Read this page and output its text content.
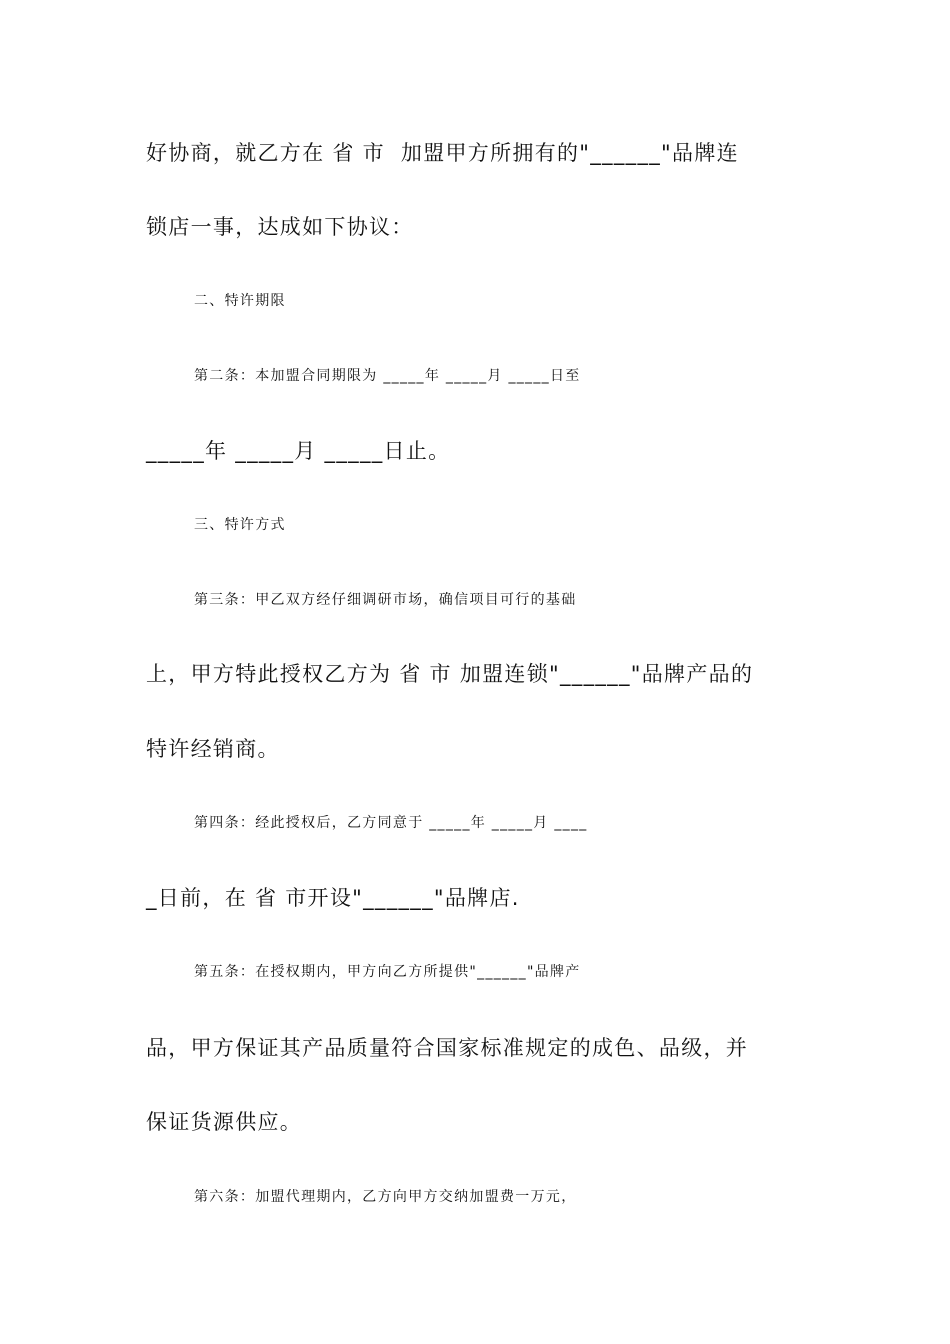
好协商，就乙方在 省 市  加盟甲方所拥有的"______"品牌连
锁店一事，达成如下协议：
二、特许期限
第二条：本加盟合同期限为 _____年 _____月 _____日至
_____年 _____月 _____日止。
三、特许方式
第三条：甲乙双方经仔细调研市场，确信项目可行的基础
上，甲方特此授权乙方为 省 市 加盟连锁"______"品牌产品的
特许经销商。
第四条：经此授权后，乙方同意于 _____年 _____月 ____
_日前，在 省 市开设"______"品牌店.
第五条：在授权期内，甲方向乙方所提供"______"品牌产
品，甲方保证其产品质量符合国家标准规定的成色、品级，并
保证货源供应。
第六条：加盟代理期内，乙方向甲方交纳加盟费一万元，
